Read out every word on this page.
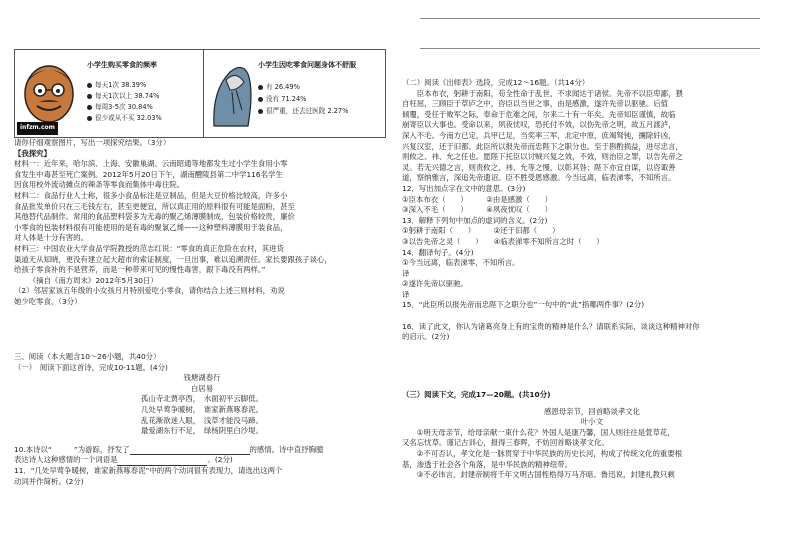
infzm.com
小学生购买零食的频率
每天1次 38.39%
每天1次以上 38.74%
每周3-5次 30.84%
很少或从不买 32.03%
小学生因吃零食问题身体不舒服
有 26.49%
没有 71.24%
很严重，还去过医院 2.27%

请你仔细观察图片，写出一项探究结果。（3分）

【我探究】

材料一：近年来，哈尔滨、上海、安徽巢湖、云南昭通等地都发生过小学生食用小零

食发生中毒甚至死亡案例。2012年5月20日下午，湖南醴陵县第二中学116名学生

因食用校外流动摊点的辣条等零食而集体中毒住院。

材料二：食品行业人士称，很多小食品标注是豆制品，但是大豆价格比较高，许多小

食品批发单价只在三毛钱左右，甚至更便宜，所以真正用的原料很有可能是面粉，甚至

其他替代品制作。常用的食品塑料袋多为无毒的聚乙烯薄膜制成，包装价格较贵，廉价

小零食的包装材料很有可能使用的是有毒的聚氯乙烯——这种塑料薄膜用于装食品，

对人体是十分有害的。

材料三：中国农业大学食品学院教授的范志红说：“零食的真正危险在农村，其进货

渠道无从知晓，更没有建立起大超市的索证制度，一旦出事，难以追溯责任。家长要跟孩子谈心，

给孩子零食补的不是营养，而是一种带来可见的慢性毒害，跟下毒没有两样。”

（摘自《南方周末》2012年5月30日）

（2）邻居家该五年级的小女孩月月特别爱吃小零食，请你结合上述三则材料，劝说

她少吃零食。（3分）

三、阅读（本大题含10～26小题，共40分）

（一）　阅读下面这首诗，完成10-11题。(4分)

钱塘湖春行

白居易

孤山寺北贾亭西，　水面初平云脚低。

几处早莺争暖树，　谁家新燕啄春泥。

乱花渐欲迷人眼，　浅草才能没马蹄。

最爱湖东行不足，　绿杨阴里白沙堤。

10.本诗以“　　　”为游踪，抒发了	的感情。诗中直抒胸臆

表达诗人这种感情的一个词语是	。(2分)

11．“几处早莺争暖树，谁家新燕啄春泥”中的两个动词很有表现力，请选出这两个

动词并作简析。(2分)

（二）阅读《出师表》选段，完成12～16题。（共14分）

臣本布衣，躬耕于南阳，苟全性命于乱世，不求闻达于诸侯。先帝不以臣卑鄙，猥

自枉屈，三顾臣于草庐之中，咨臣以当世之事，由是感激，遂许先帝以驱驰。后值

倾覆，受任于败军之际，奉命于危难之间，尔来二十有一年矣。先帝知臣谨慎，故临

崩寄臣以大事也。受命以来，夙夜忧叹，恐托付不效，以伤先帝之明，故五月渡泸，

深入不毛。今南方已定，兵甲已足，当奖率三军，北定中原，庶竭驽钝，攘除奸凶，

兴复汉室，还于旧都。此臣所以报先帝而忠陛下之职分也。至于斟酌损益，进尽忠言，

则攸之、祎、允之任也。愿陛下托臣以讨贼兴复之效，不效，则治臣之罪，以告先帝之

灵。若无兴德之言，则责攸之、祎、允等之慢，以彰其咎；陛下亦宜自谋，以咨诹善

道，察纳雅言，深追先帝遗诏。臣不胜受恩感激。今当远离，临表涕零，不知所言。

12．写出加点字在文中的意思。(3分)

①臣本布衣（　　）　　　②由是感激（　　）

③深入不毛（　　）　　　④夙夜忧叹（　　）

13．解释下列句中加点的虚词的含义。(2分)

①躬耕于南阳（　　）　　　②还于旧都（　　）

③以告先帝之灵（　　）　　④临表涕零不知所言之时（　　）

14．翻译句子。(4分)

①今当远离，临表涕零，不知所言。

译

②遂许先帝以驱驰。

译

15．“此臣所以报先帝而忠陛下之职分也”一句中的“此”指哪两件事？(2分)

16．读了此文，你认为诸葛亮身上有的宝贵的精神是什么？请联系实际，谈谈这种精神对你

的启示。(2分)

（三）阅读下文，完成17—20题。(共10分)

感恩母亲节，回首略谈孝文化

叶小文

①明天母亲节，给母亲献一束什么花？外国人是康乃馨，国人则往往是萱草花，

又名忘忧草。谨记古训心，报得三春晖，不妨回首略谈孝文化。

②不可否认，孝文化是一脉贯穿于中华民族的历史长河，构成了传统文化的重要根

基，渗透于社会各个角落，是中华民族的精神纽带。

③不必讳言，封建帝制将千年文明古国桎梏得万马齐暗。鲁迅说，封建礼教只剩
